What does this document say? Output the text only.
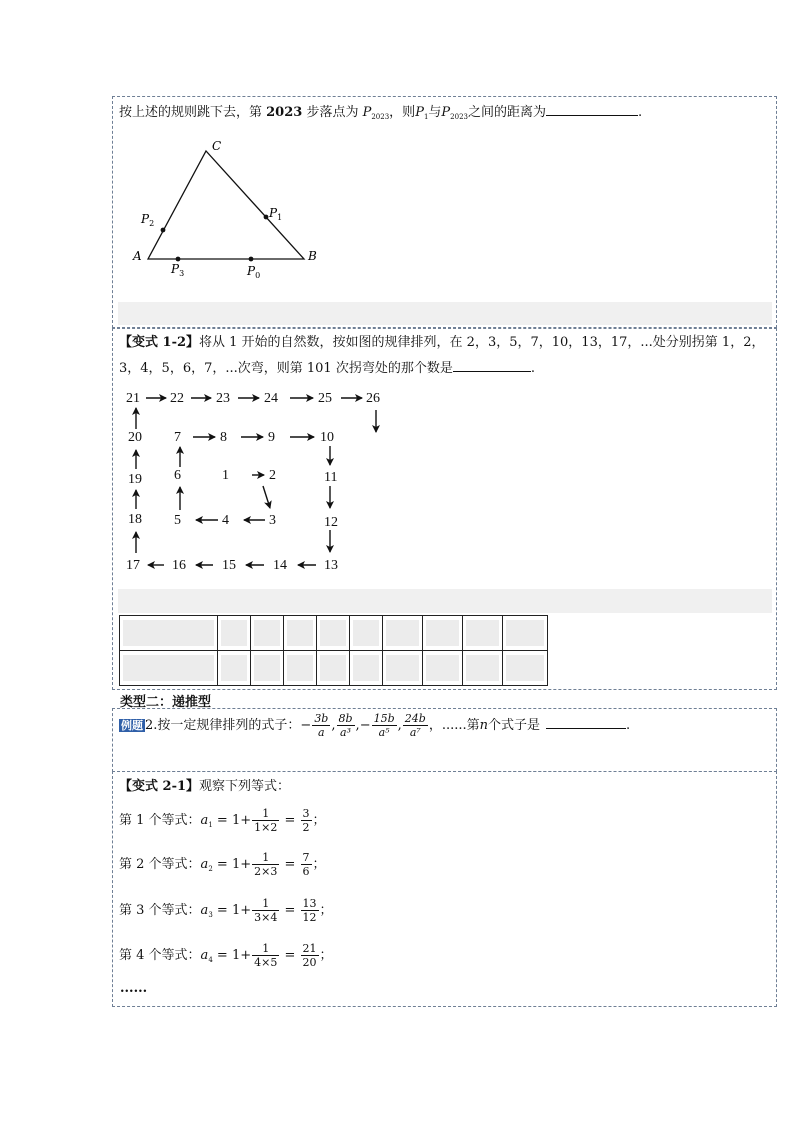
按上述的规则跳下去，第 2023 步落点为 $P_{2023}$，则$P_1$与$P_{2023}$之间的距离为	.
C
A	B
$P_2$
$P_1$
$P_3$	$P_0$
【变式 1-2】将从 1 开始的自然数，按如图的规律排列，在 2，3，5，7，10，13，17，...处分别拐第 1，2，
3，4，5，6，7，...次弯，则第 101 次拐弯处的那个数是	.
1	2
3
4
5
6
7	8	9	10
11
12
13
14
15
16
17
18
19
20
21 22 23 24	25 26

类型二：递推型
例题 2.按一定规律排列的式子：− $\frac{3b}{a}$ , $\frac{8b}{\text{a³}}$ ,− $\frac{15b}{\text{a⁵}}$ , $\frac{24b}{\text{a⁷}}$ ，......第n个式子是	.
【变式 2-1】观察下列等式：
第 1 个等式：$a_1 = 1+ \frac{1}{1\times 2} = \frac{3}{2}$ ；
第 2 个等式：$a_2 = 1+ \frac{1}{2\times 3} = \frac{7}{6}$ ；
第 3 个等式：$a_3 = 1+ \frac{1}{3\times 4} = \frac{13}{12}$ ；
第 4 个等式：$a_4 = 1+ \frac{1}{4\times 5} = \frac{21}{20}$ ；
......
